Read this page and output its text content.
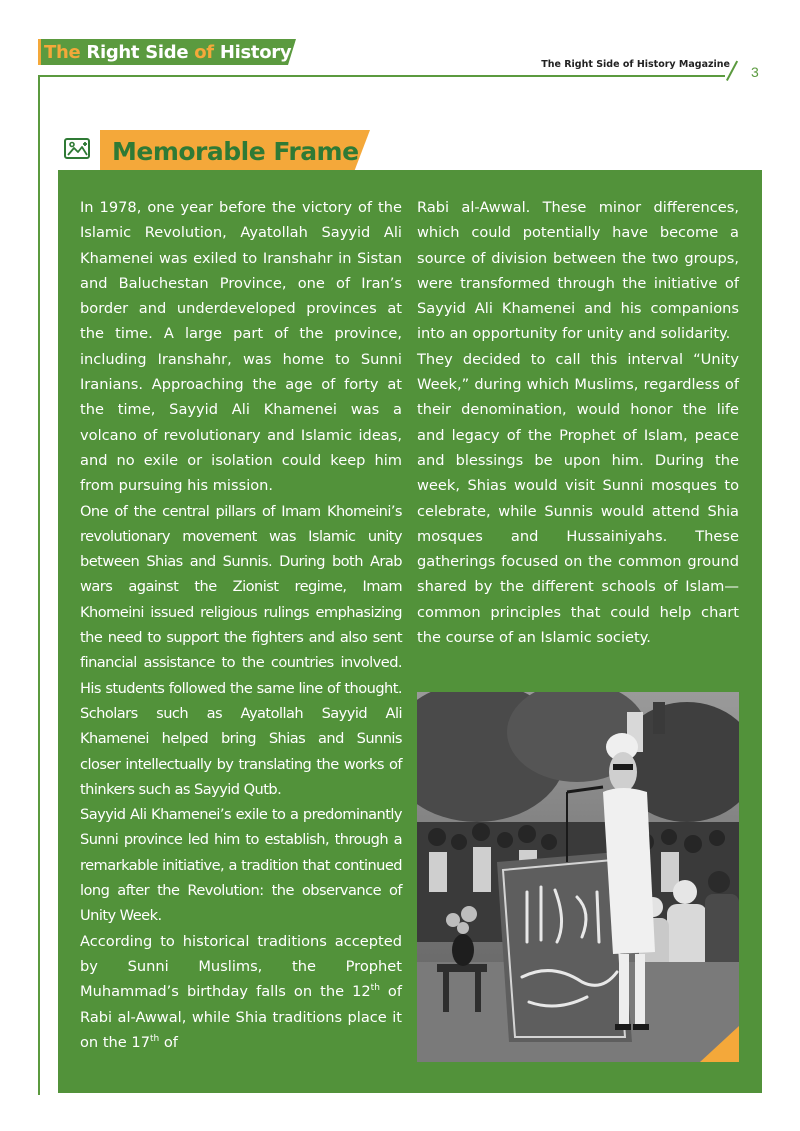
The Right Side of History
The Right Side of History Magazine 3
Memorable Frame

In 1978, one year before the victory of the Islamic Revolution, Ayatollah Sayyid Ali Khamenei was exiled to Iranshahr in Sistan and Baluchestan Province, one of Iran’s border and underdeveloped provinces at the time. A large part of the province, including Iranshahr, was home to Sunni Iranians. Approaching the age of forty at the time, Sayyid Ali Khamenei was a volcano of revolutionary and Islamic ideas, and no exile or isolation could keep him from pursuing his mission.

One of the central pillars of Imam Khomeini’s revolutionary movement was Islamic unity between Shias and Sunnis. During both Arab wars against the Zionist regime, Imam Khomeini issued religious rulings emphasizing the need to support the fighters and also sent financial assistance to the countries involved. His students followed the same line of thought. Scholars such as Ayatollah Sayyid Ali Khamenei helped bring Shias and Sunnis closer intellectually by translating the works of thinkers such as Sayyid Qutb.

Sayyid Ali Khamenei’s exile to a predominantly Sunni province led him to establish, through a remarkable initiative, a tradition that continued long after the Revolution: the observance of Unity Week.

According to historical traditions accepted by Sunni Muslims, the Prophet Muhammad’s birthday falls on the 12th of Rabi al-Awwal, while Shia traditions place it on the 17th of

Rabi al-Awwal. These minor differences, which could potentially have become a source of division between the two groups, were transformed through the initiative of Sayyid Ali Khamenei and his companions into an opportunity for unity and solidarity.

They decided to call this interval “Unity Week,” during which Muslims, regardless of their denomination, would honor the life and legacy of the Prophet of Islam, peace and blessings be upon him. During the week, Shias would visit Sunni mosques to celebrate, while Sunnis would attend Shia mosques and Hussainiyahs. These gatherings focused on the common ground shared by the different schools of Islam—common principles that could help chart the course of an Islamic society.
